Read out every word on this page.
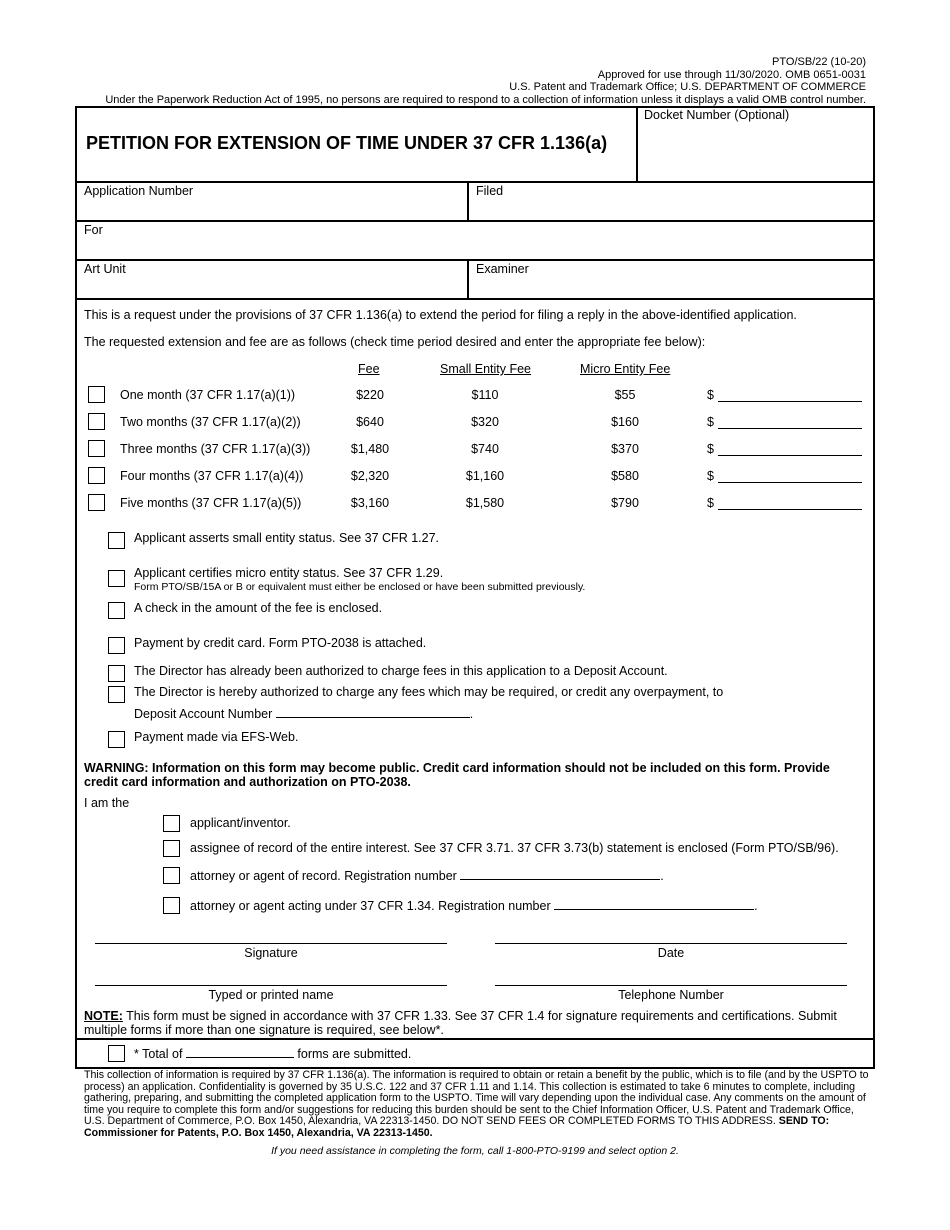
PTO/SB/22 (10-20)
Approved for use through 11/30/2020. OMB 0651-0031
U.S. Patent and Trademark Office; U.S. DEPARTMENT OF COMMERCE
Under the Paperwork Reduction Act of 1995, no persons are required to respond to a collection of information unless it displays a valid OMB control number.
PETITION FOR EXTENSION OF TIME UNDER 37 CFR 1.136(a)
Docket Number (Optional)
Application Number	Filed
For
Art Unit	Examiner
This is a request under the provisions of 37 CFR 1.136(a) to extend the period for filing a reply in the above-identified application.
The requested extension and fee are as follows (check time period desired and enter the appropriate fee below):
Fee	Small Entity Fee	Micro Entity Fee
One month (37 CFR 1.17(a)(1))	$220	$110	$55	$
Two months (37 CFR 1.17(a)(2))	$640	$320	$160	$
Three months (37 CFR 1.17(a)(3))	$1,480	$740	$370	$
Four months (37 CFR 1.17(a)(4))	$2,320	$1,160	$580	$
Five months (37 CFR 1.17(a)(5))	$3,160	$1,580	$790	$
Applicant asserts small entity status. See 37 CFR 1.27.
Applicant certifies micro entity status. See 37 CFR 1.29.
Form PTO/SB/15A or B or equivalent must either be enclosed or have been submitted previously.
A check in the amount of the fee is enclosed.
Payment by credit card. Form PTO-2038 is attached.
The Director has already been authorized to charge fees in this application to a Deposit Account.
The Director is hereby authorized to charge any fees which may be required, or credit any overpayment, to
Deposit Account Number	.
Payment made via EFS-Web.
WARNING: Information on this form may become public. Credit card information should not be included on this form. Provide credit card information and authorization on PTO-2038.
I am the
applicant/inventor.
assignee of record of the entire interest. See 37 CFR 3.71. 37 CFR 3.73(b) statement is enclosed (Form PTO/SB/96).
attorney or agent of record. Registration number	.
attorney or agent acting under 37 CFR 1.34. Registration number	.
Signature	Date
Typed or printed name	Telephone Number
NOTE: This form must be signed in accordance with 37 CFR 1.33. See 37 CFR 1.4 for signature requirements and certifications. Submit multiple forms if more than one signature is required, see below*.
* Total of	forms are submitted.
This collection of information is required by 37 CFR 1.136(a). The information is required to obtain or retain a benefit by the public, which is to file (and by the USPTO to process) an application. Confidentiality is governed by 35 U.S.C. 122 and 37 CFR 1.11 and 1.14. This collection is estimated to take 6 minutes to complete, including gathering, preparing, and submitting the completed application form to the USPTO. Time will vary depending upon the individual case. Any comments on the amount of time you require to complete this form and/or suggestions for reducing this burden should be sent to the Chief Information Officer, U.S. Patent and Trademark Office, U.S. Department of Commerce, P.O. Box 1450, Alexandria, VA 22313-1450. DO NOT SEND FEES OR COMPLETED FORMS TO THIS ADDRESS. SEND TO: Commissioner for Patents, P.O. Box 1450, Alexandria, VA 22313-1450.
If you need assistance in completing the form, call 1-800-PTO-9199 and select option 2.
